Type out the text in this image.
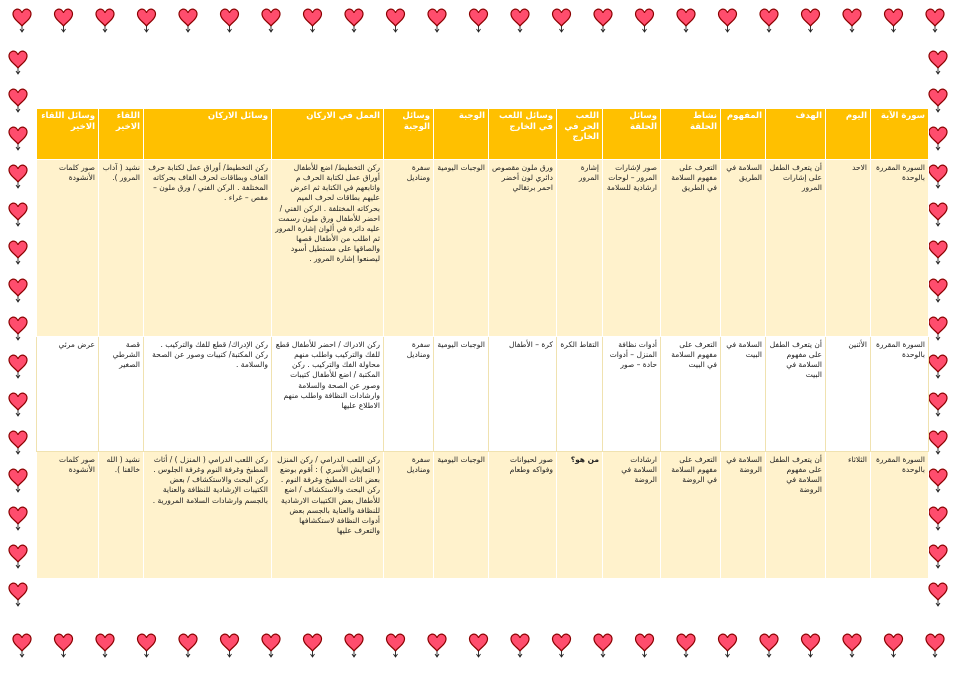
سورة الآية	اليوم	الهدف	المفهوم	نشاط الحلقة	وسائل الحلقة	اللعب الحر في الخارج	وسائل اللعب في الخارج	الوجبة	وسائل الوجبة	العمل في الاركان	وسائل الاركان	اللقاء الاخير	وسائل اللقاء الاخير
السورة المقررة بالوحدة	الاحد	أن يتعرف الطفل على إشارات المرور	السلامة في الطريق	التعرف على مفهوم السلامة في الطريق	صور لإشارات المرور – لوحات ارشادية للسلامة	إشارة المرور	ورق ملون مقصوص دائري لون أخضر احمر برتقالي	الوجبات اليومية	سفرة ومناديل	ركن التخطيط/ اضع للأطفال أوراق عمل لكتابة الحرف م واتابعهم في الكتابة ثم اعرض عليهم بطاقات لحرف الميم بحركاته المختلفة . الركن الفني / احضر للأطفال ورق ملون رسمت عليه دائرة في ألوان إشارة المرور ثم اطلب من الأطفال قصها والصاقها على مستطيل أسود ليصنعوا إشارة المرور .	ركن التخطيط/ أوراق عمل لكتابة حرف القاف وبطاقات لحرف القاف بحركاته المختلفة . الركن الفني / ورق ملون – مقص – غراء .	نشيد ( آداب المرور ).	صور كلمات الأنشودة
السورة المقررة بالوحدة	الأثنين	أن يتعرف الطفل على مفهوم السلامة في البيت	السلامة في البيت	التعرف على مفهوم السلامة في البيت	أدوات نظافة المنزل – أدوات حادة – صور	التقاط الكرة	كرة – الأطفال	الوجبات اليومية	سفرة ومناديل	ركن الادراك / احضر للأطفال قطع للفك والتركيب واطلب منهم محاولة الفك والتركيب . ركن المكتبة / اضع للأطفال كتيبات وصور عن الصحة والسلامة وارشادات النظافة واطلب منهم الاطلاع عليها	ركن الإدراك/ قطع للفك والتركيب . ركن المكتبة/ كتيبات وصور عن الصحة والسلامة .	قصة الشرطي الصغير	عرض مرئي
السورة المقررة بالوحدة	الثلاثاء	أن يتعرف الطفل على مفهوم السلامة في الروضة	السلامة في الروضة	التعرف على مفهوم السلامة في الروضة	ارشادات السلامة في الروضة	من هو؟	صور لحيوانات وفواكه وطعام	الوجبات اليومية	سفرة ومناديل	ركن اللعب الدرامي / ركن المنزل ( التعايش الأسري ) : أقوم بوضع بعض اثاث المطبخ وغرفة النوم . ركن البحث والاستكشاف / اضع للأطفال بعض الكتيبات الارشادية للنظافة والعناية بالجسم بعض أدوات النظافة لاستكشافها والتعرف عليها	ركن اللعب الدرامي ( المنزل ) / أثاث المطبخ وغرفة النوم وغرفة الجلوس . ركن البحث والاستكشاف / بعض الكتيبات الإرشادية للنظافة والعناية بالجسم وارشادات السلامة المرورية .	نشيد ( الله خالقنا ).	صور كلمات الأنشودة
